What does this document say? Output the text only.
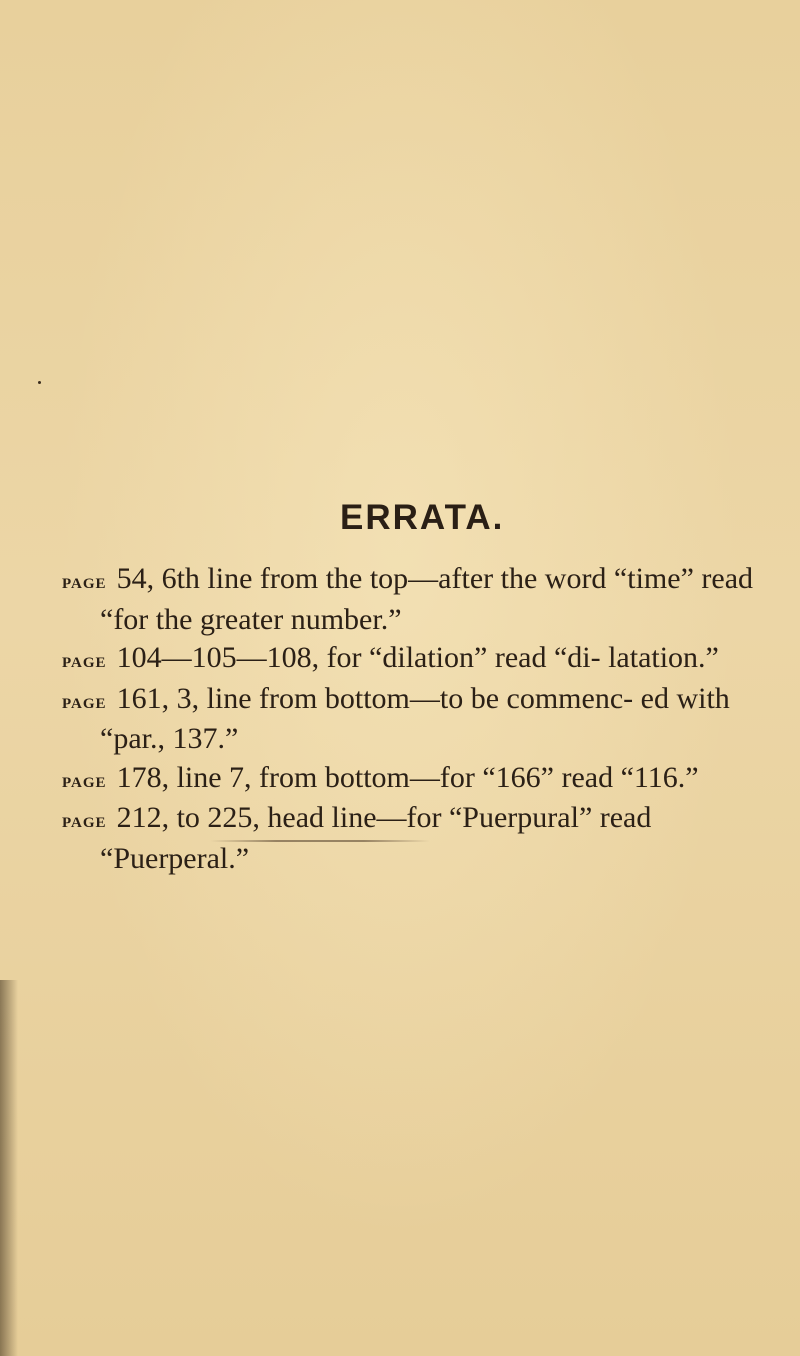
ERRATA.

page 54, 6th line from the top—after the word “time” read “for the greater number.”

page 104—105—108, for “dilation” read “di- latation.”

page 161, 3, line from bottom—to be commenc- ed with “par., 137.”

page 178, line 7, from bottom—for “166” read “116.”

page 212, to 225, head line—for “Puerpural” read “Puerperal.”
